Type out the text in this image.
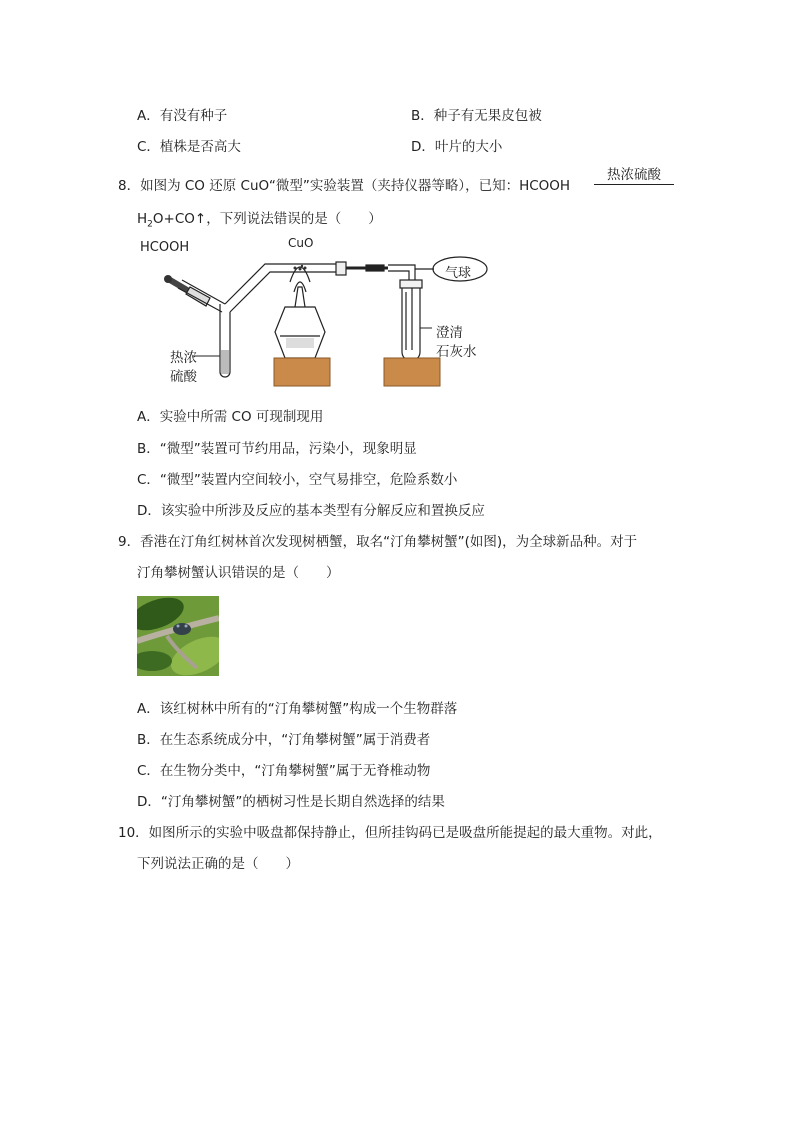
A．有没有种子	B．种子有无果皮包被
C．植株是否高大	D．叶片的大小
8．如图为 CO 还原 CuO“微型”实验装置（夹持仪器等略），已知：HCOOH
热浓硫酸
$H_2O+CO↑$，下列说法错误的是（　　）
HCOOH	CuO
气球
热浓
硫酸
澄清
石灰水
A．实验中所需 CO 可现制现用
B．“微型”装置可节约用品，污染小，现象明显
C．“微型”装置内空间较小，空气易排空，危险系数小
D．该实验中所涉及反应的基本类型有分解反应和置换反应
9．香港在汀角红树林首次发现树栖蟹，取名“汀角攀树蟹”(如图)，为全球新品种。对于
汀角攀树蟹认识错误的是（　　）
A．该红树林中所有的“汀角攀树蟹”构成一个生物群落
B．在生态系统成分中，“汀角攀树蟹”属于消费者
C．在生物分类中，“汀角攀树蟹”属于无脊椎动物
D．“汀角攀树蟹”的栖树习性是长期自然选择的结果
10．如图所示的实验中吸盘都保持静止，但所挂钩码已是吸盘所能提起的最大重物。对此，
下列说法正确的是（　　）
